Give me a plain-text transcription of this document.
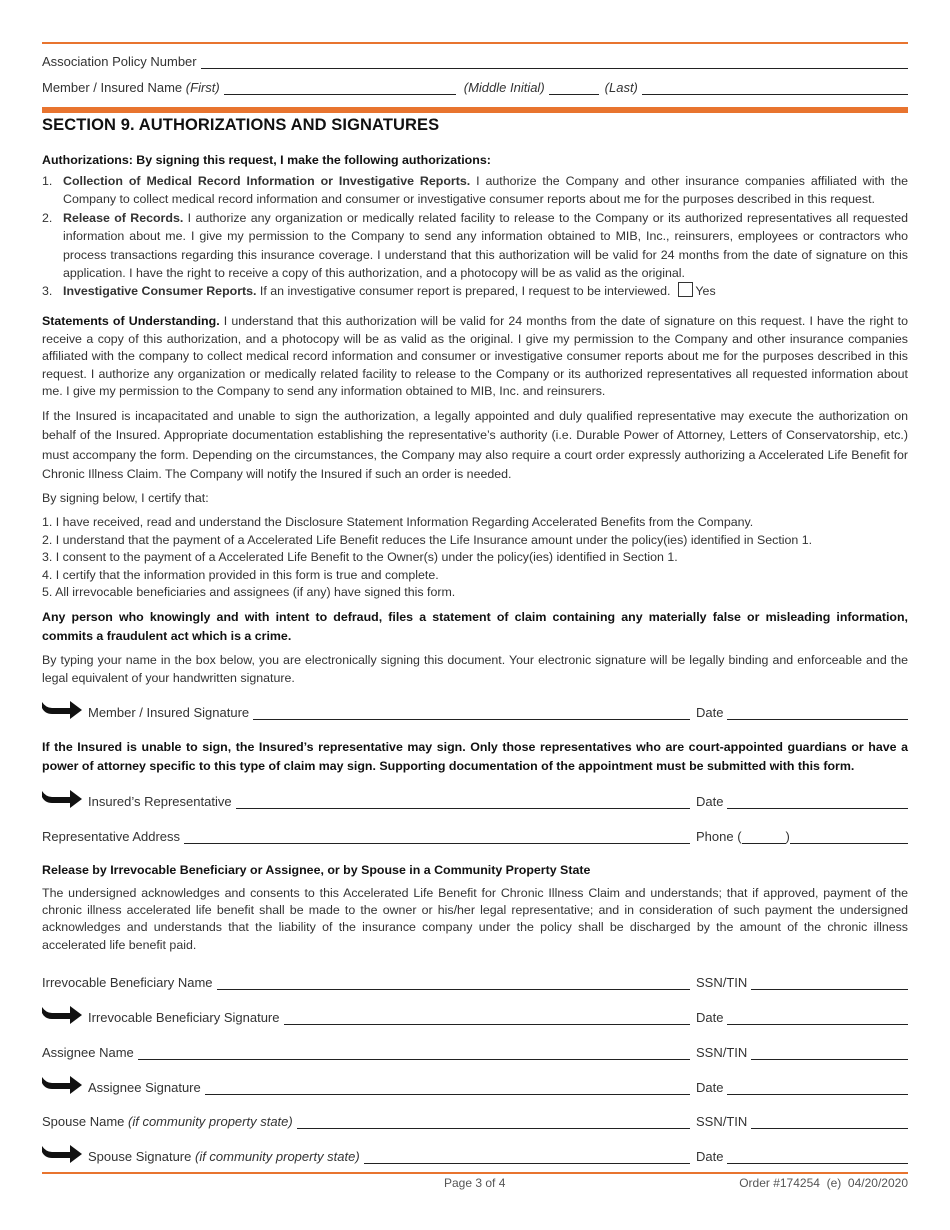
Association Policy Number
Member / Insured Name (First)	(Middle Initial)	(Last)
SECTION 9. AUTHORIZATIONS AND SIGNATURES
Authorizations: By signing this request, I make the following authorizations:
1. Collection of Medical Record Information or Investigative Reports. I authorize the Company and other insurance companies affiliated with the Company to collect medical record information and consumer or investigative consumer reports about me for the purposes described in this request.
2. Release of Records. I authorize any organization or medically related facility to release to the Company or its authorized representatives all requested information about me. I give my permission to the Company to send any information obtained to MIB, Inc., reinsurers, employees or contractors who process transactions regarding this insurance coverage. I understand that this authorization will be valid for 24 months from the date of signature on this application. I have the right to receive a copy of this authorization, and a photocopy will be as valid as the original.
3. Investigative Consumer Reports. If an investigative consumer report is prepared, I request to be interviewed. Yes
Statements of Understanding. I understand that this authorization will be valid for 24 months from the date of signature on this request. I have the right to receive a copy of this authorization, and a photocopy will be as valid as the original. I give my permission to the Company and other insurance companies affiliated with the company to collect medical record information and consumer or investigative consumer reports about me for the purposes described in this request. I authorize any organization or medically related facility to release to the Company or its authorized representatives all requested information about me. I give my permission to the Company to send any information obtained to MIB, Inc. and reinsurers.
If the Insured is incapacitated and unable to sign the authorization, a legally appointed and duly qualified representative may execute the authorization on behalf of the Insured. Appropriate documentation establishing the representative’s authority (i.e. Durable Power of Attorney, Letters of Conservatorship, etc.) must accompany the form. Depending on the circumstances, the Company may also require a court order expressly authorizing a Accelerated Life Benefit for Chronic Illness Claim. The Company will notify the Insured if such an order is needed.
By signing below, I certify that:
1. I have received, read and understand the Disclosure Statement Information Regarding Accelerated Benefits from the Company.
2. I understand that the payment of a Accelerated Life Benefit reduces the Life Insurance amount under the policy(ies) identified in Section 1.
3. I consent to the payment of a Accelerated Life Benefit to the Owner(s) under the policy(ies) identified in Section 1.
4. I certify that the information provided in this form is true and complete.
5. All irrevocable beneficiaries and assignees (if any) have signed this form.
Any person who knowingly and with intent to defraud, files a statement of claim containing any materially false or misleading information, commits a fraudulent act which is a crime.
By typing your name in the box below, you are electronically signing this document. Your electronic signature will be legally binding and enforceable and the legal equivalent of your handwritten signature.
Member / Insured Signature	Date
If the Insured is unable to sign, the Insured’s representative may sign. Only those representatives who are court-appointed guardians or have a power of attorney specific to this type of claim may sign. Supporting documentation of the appointment must be submitted with this form.
Insured’s Representative	Date
Representative Address	Phone (	)
Release by Irrevocable Beneficiary or Assignee, or by Spouse in a Community Property State
The undersigned acknowledges and consents to this Accelerated Life Benefit for Chronic Illness Claim and understands; that if approved, payment of the chronic illness accelerated life benefit shall be made to the owner or his/her legal representative; and in consideration of such payment the undersigned acknowledges and understands that the liability of the insurance company under the policy shall be discharged by the amount of the chronic illness accelerated life benefit paid.
Irrevocable Beneficiary Name	SSN/TIN
Irrevocable Beneficiary Signature	Date
Assignee Name	SSN/TIN
Assignee Signature	Date
Spouse Name (if community property state)	SSN/TIN
Spouse Signature (if community property state)	Date
Page 3 of 4	Order #174254  (e)  04/20/2020
